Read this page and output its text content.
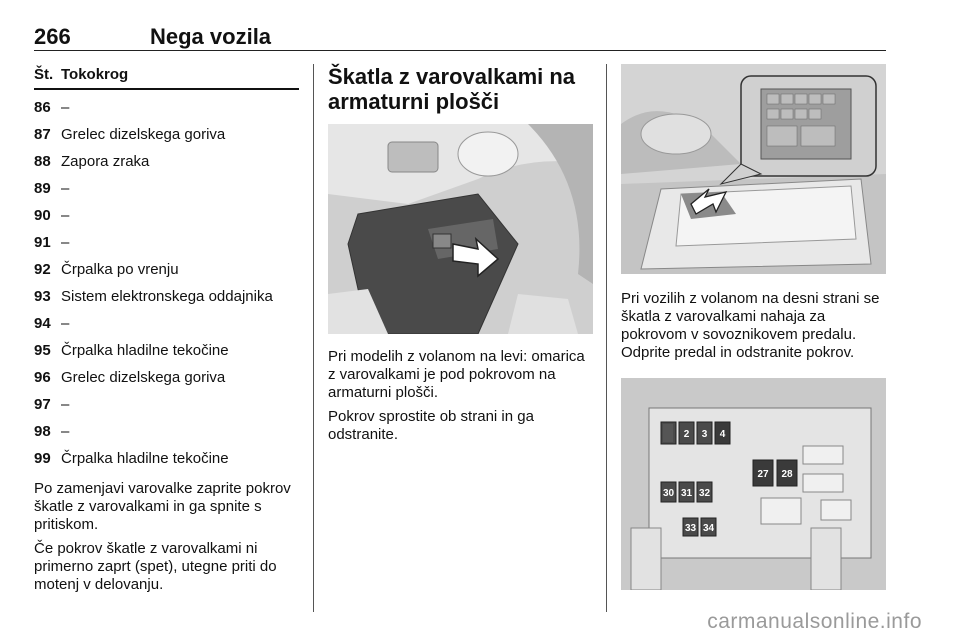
266	Nega vozila
Št. Tokokrog
86 –
87 Grelec dizelskega goriva
88 Zapora zraka
89 –
90 –
91 –
92 Črpalka po vrenju
93 Sistem elektronskega oddajnika
94 –
95 Črpalka hladilne tekočine
96 Grelec dizelskega goriva
97 –
98 –
99 Črpalka hladilne tekočine

Po zamenjavi varovalke zaprite pokrov škatle z varovalkami in ga spnite s pritiskom.

Če pokrov škatle z varovalkami ni primerno zaprt (spet), utegne priti do motenj v delovanju.

Škatla z varovalkami na armaturni plošči

Pri modelih z volanom na levi: omarica z varovalkami je pod pokrovom na armaturni plošči.

Pokrov sprostite ob strani in ga odstranite.

Pri vozilih z volanom na desni strani se škatla z varovalkami nahaja za pokrovom v sovoznikovem predalu. Odprite predal in odstranite pokrov.

2 3 4
27 28
30 31 32
33 34
carmanualsonline.info
